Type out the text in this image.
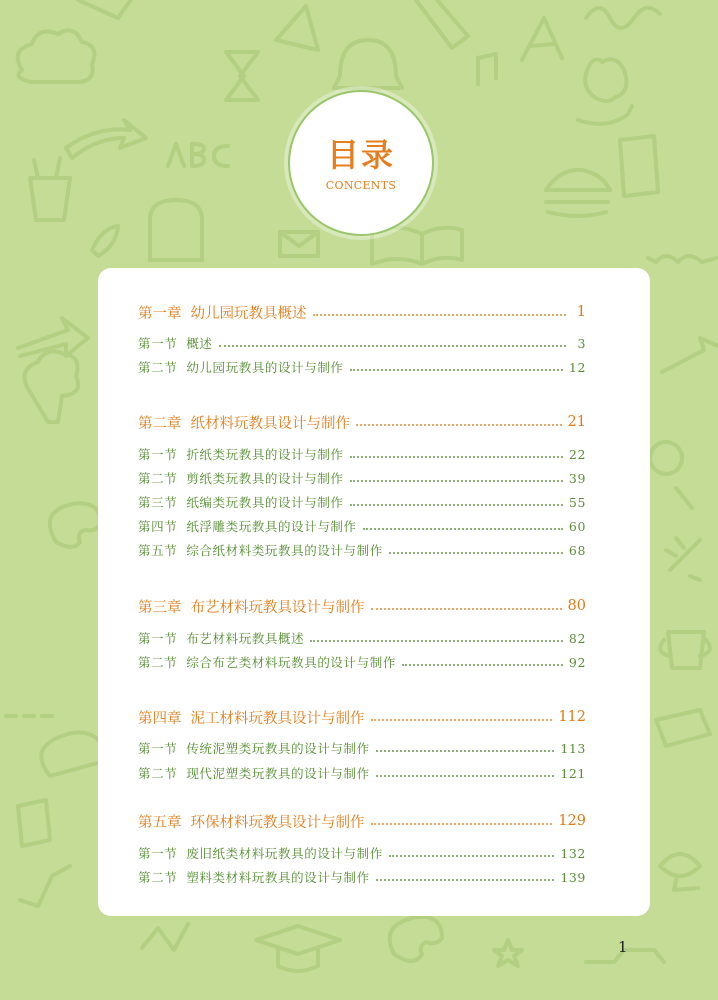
目录
CONCENTS
第一章 幼儿园玩教具概述	1
第一节 概述	3
第二节 幼儿园玩教具的设计与制作	12
第二章 纸材料玩教具设计与制作	21
第一节 折纸类玩教具的设计与制作	22
第二节 剪纸类玩教具的设计与制作	39
第三节 纸编类玩教具的设计与制作	55
第四节 纸浮雕类玩教具的设计与制作	60
第五节 综合纸材料类玩教具的设计与制作	68
第三章 布艺材料玩教具设计与制作	80
第一节 布艺材料玩教具概述	82
第二节 综合布艺类材料玩教具的设计与制作	92
第四章 泥工材料玩教具设计与制作	112
第一节 传统泥塑类玩教具的设计与制作	113
第二节 现代泥塑类玩教具的设计与制作	121
第五章 环保材料玩教具设计与制作	129
第一节 废旧纸类材料玩教具的设计与制作	132
第二节 塑料类材料玩教具的设计与制作	139
1
